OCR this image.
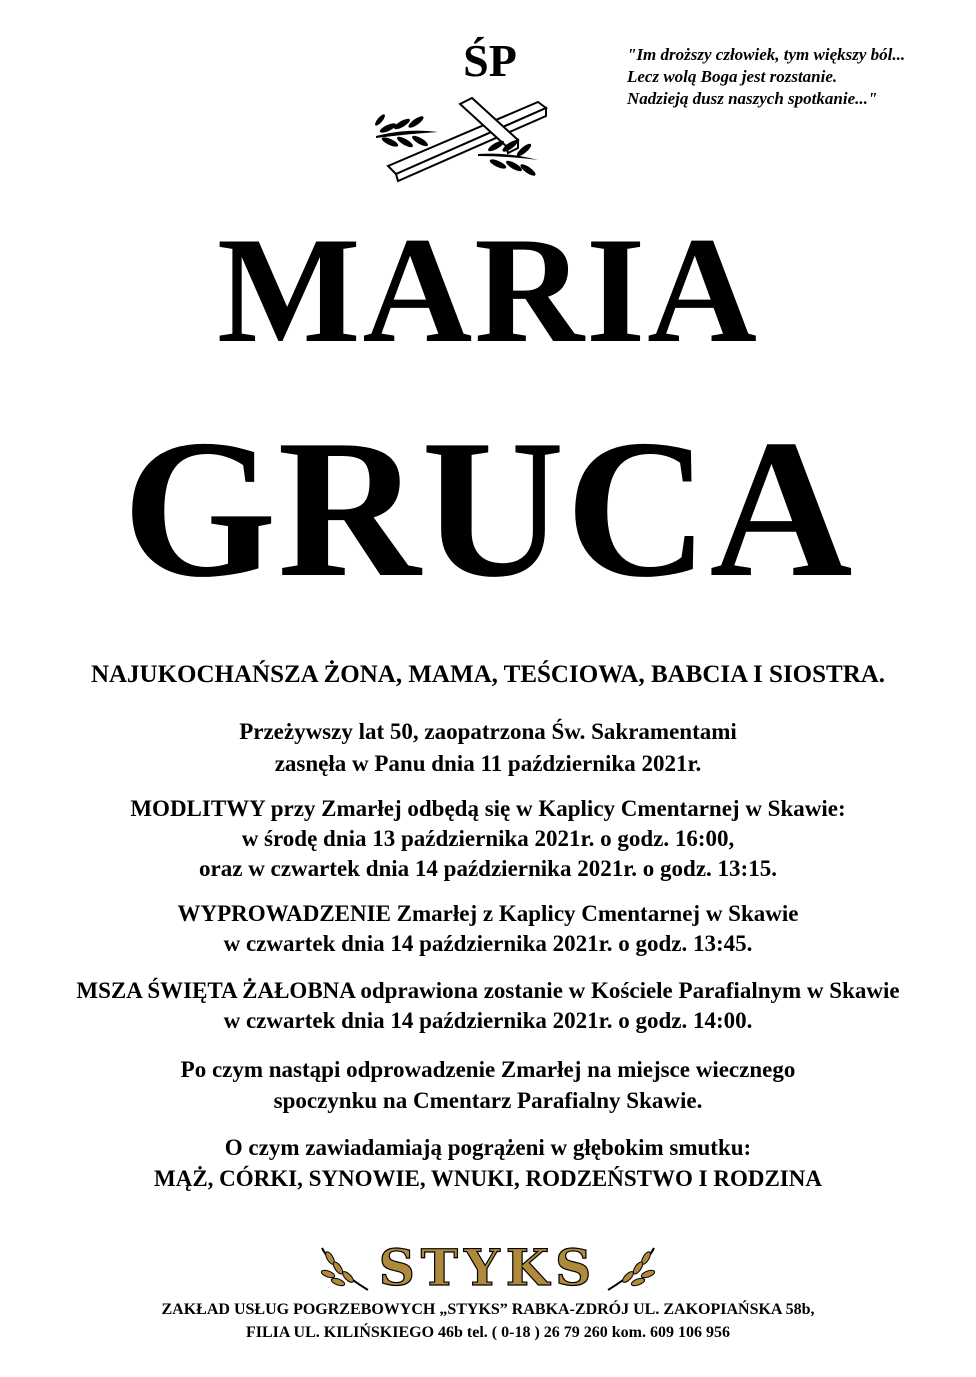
ŚP	"Im droższy człowiek, tym większy ból...
Lecz wolą Boga jest rozstanie.
Nadzieją dusz naszych spotkanie..."
MARIA
GRUCA
NAJUKOCHAŃSZA ŻONA, MAMA, TEŚCIOWA, BABCIA I SIOSTRA.
Przeżywszy lat 50, zaopatrzona Św. Sakramentami
zasnęła w Panu dnia 11 października 2021r.
MODLITWY przy Zmarłej odbędą się w Kaplicy Cmentarnej w Skawie:
w środę dnia 13 października 2021r. o godz. 16:00,
oraz w czwartek dnia 14 października 2021r. o godz. 13:15.
WYPROWADZENIE Zmarłej z Kaplicy Cmentarnej w Skawie
w czwartek dnia 14 października 2021r. o godz. 13:45.
MSZA ŚWIĘTA ŻAŁOBNA odprawiona zostanie w Kościele Parafialnym w Skawie
w czwartek dnia 14 października 2021r. o godz. 14:00.
Po czym nastąpi odprowadzenie Zmarłej na miejsce wiecznego
spoczynku na Cmentarz Parafialny Skawie.
O czym zawiadamiają pogrążeni w głębokim smutku:
MĄŻ, CÓRKI, SYNOWIE, WNUKI, RODZEŃSTWO I RODZINA
STYKS
ZAKŁAD USŁUG POGRZEBOWYCH „STYKS” RABKA-ZDRÓJ UL. ZAKOPIAŃSKA 58b,
FILIA UL. KILIŃSKIEGO 46b tel. ( 0-18 ) 26 79 260 kom. 609 106 956
